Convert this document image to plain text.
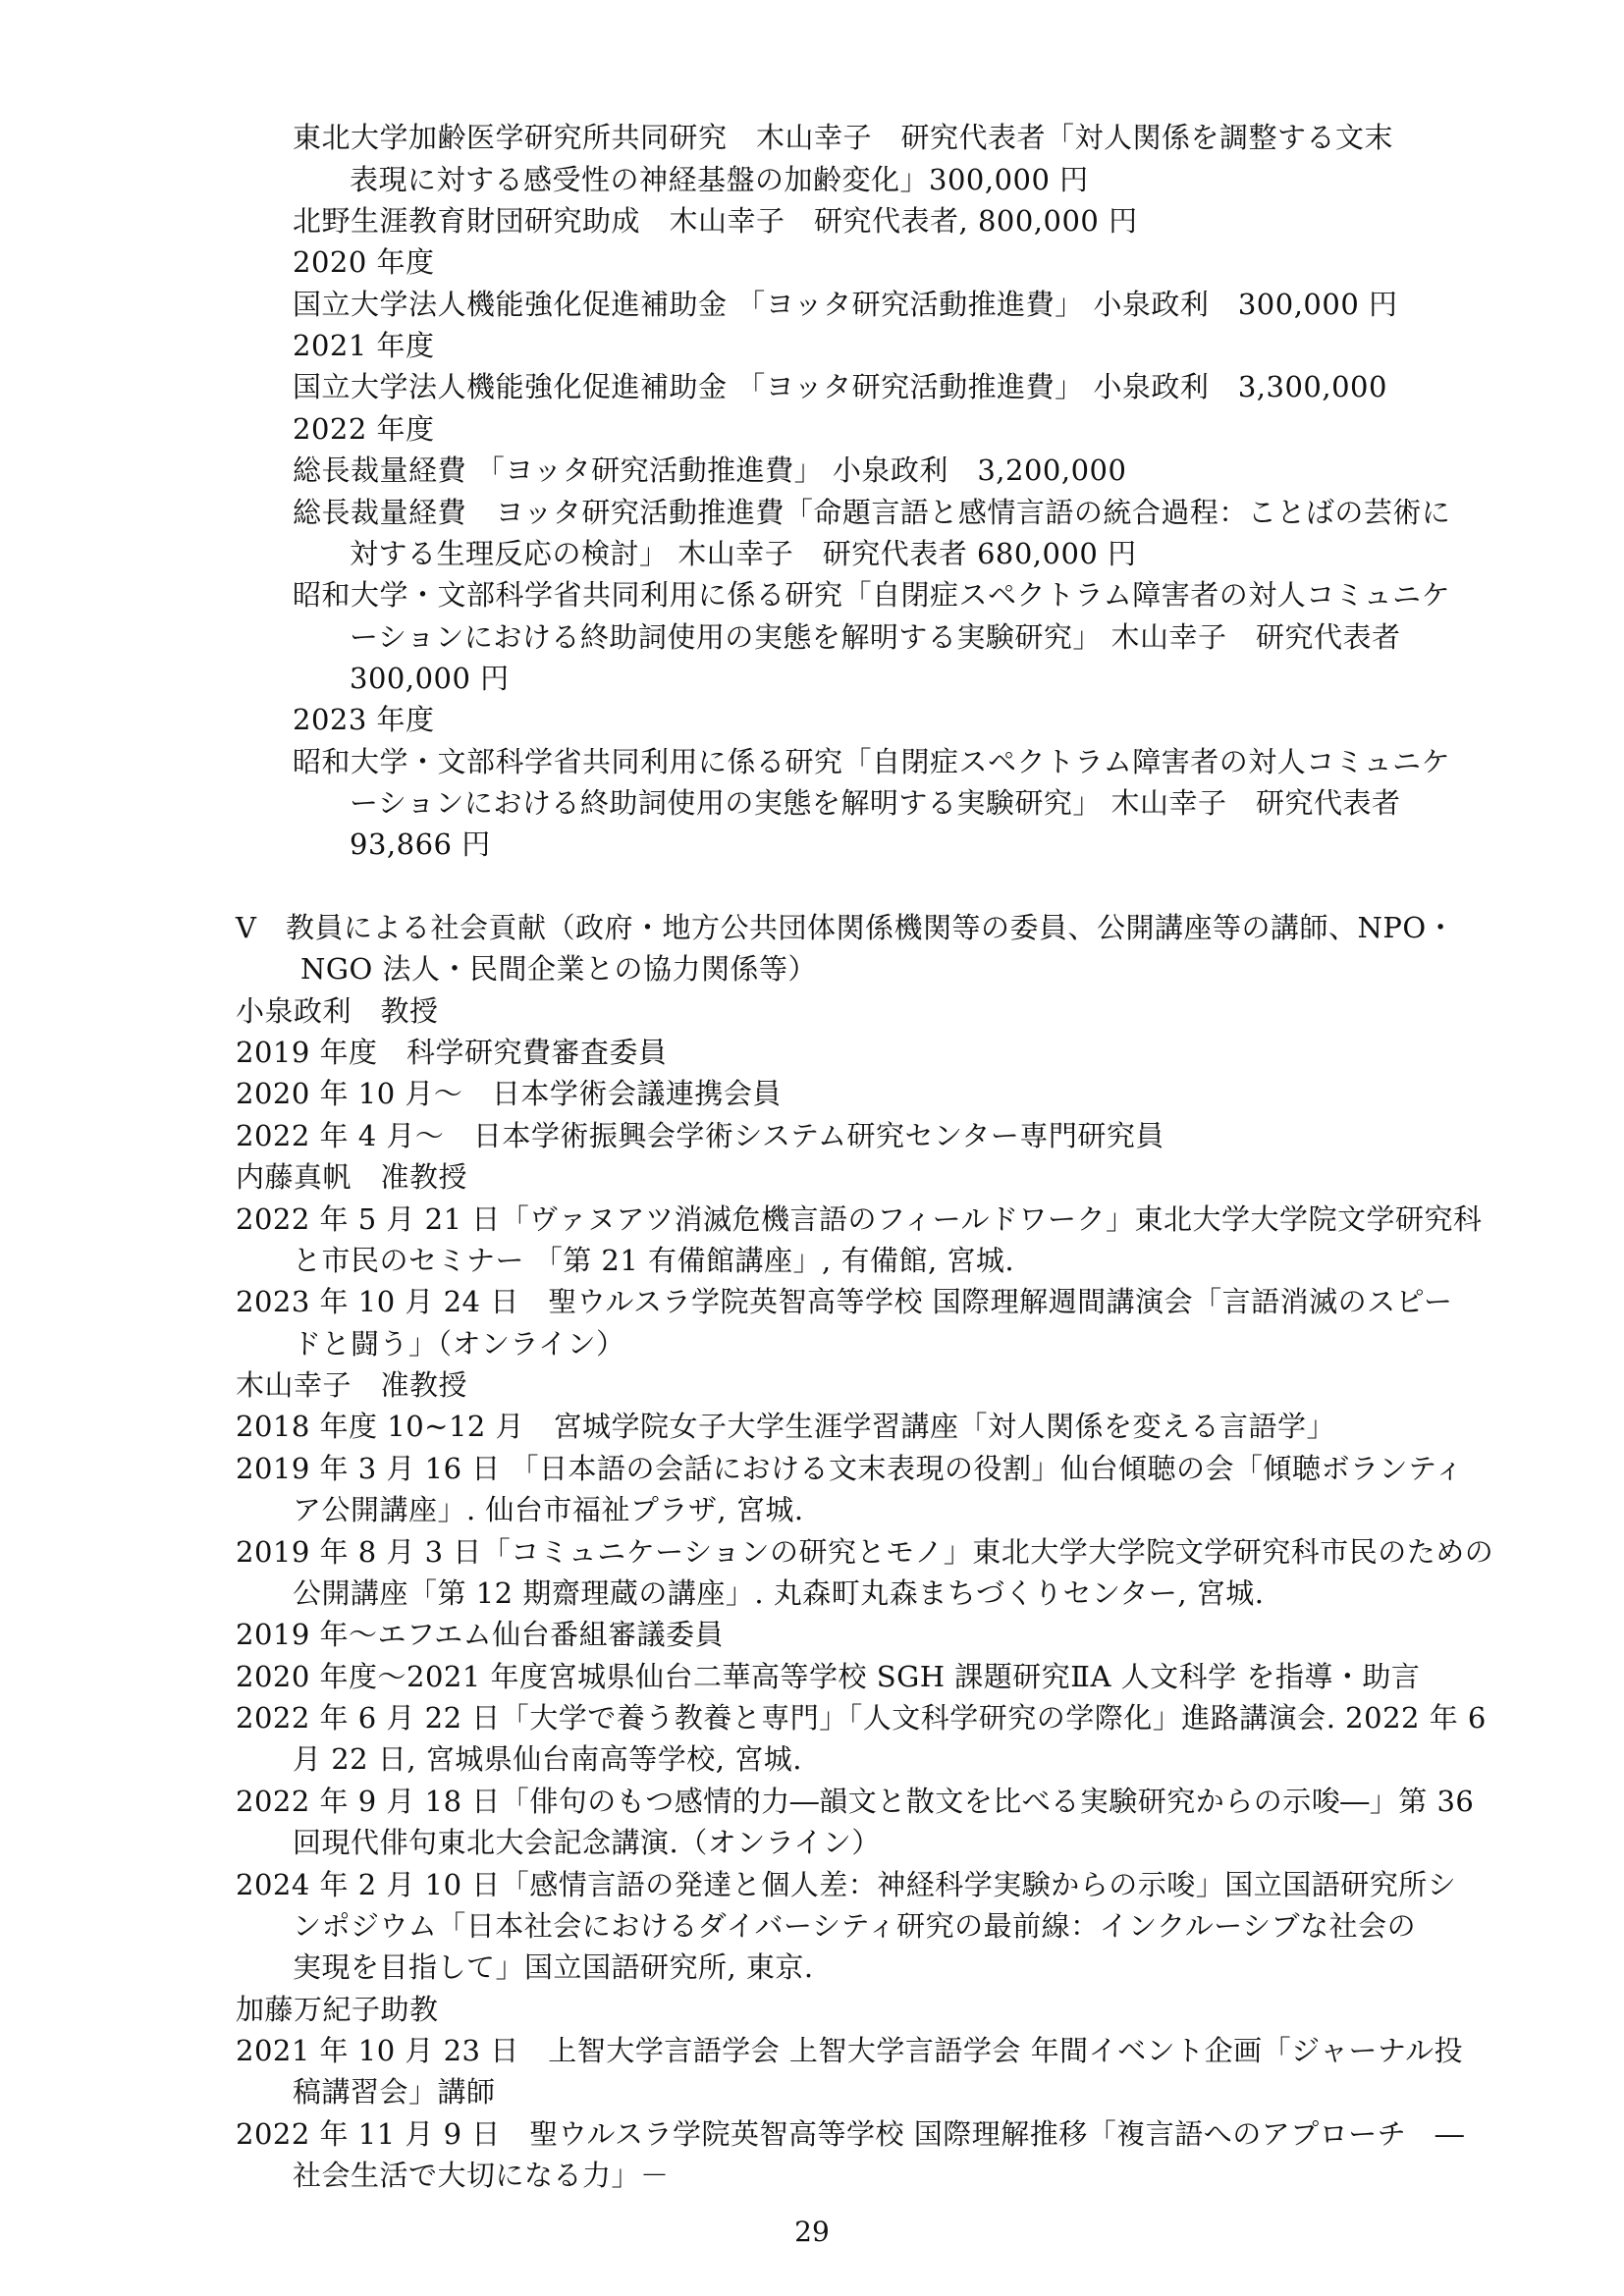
東北大学加齢医学研究所共同研究　木山幸子　研究代表者「対人関係を調整する文末
表現に対する感受性の神経基盤の加齢変化」300,000 円
北野生涯教育財団研究助成　木山幸子　研究代表者, 800,000 円
2020 年度
国立大学法人機能強化促進補助金 「ヨッタ研究活動推進費」 小泉政利　300,000 円
2021 年度
国立大学法人機能強化促進補助金 「ヨッタ研究活動推進費」 小泉政利　3,300,000
2022 年度
総長裁量経費 「ヨッタ研究活動推進費」 小泉政利　3,200,000
総長裁量経費　ヨッタ研究活動推進費「命題言語と感情言語の統合過程：ことばの芸術に
対する生理反応の検討」 木山幸子　研究代表者 680,000 円
昭和大学・文部科学省共同利用に係る研究「自閉症スペクトラム障害者の対人コミュニケ
ーションにおける終助詞使用の実態を解明する実験研究」 木山幸子　研究代表者
300,000 円
2023 年度
昭和大学・文部科学省共同利用に係る研究「自閉症スペクトラム障害者の対人コミュニケ
ーションにおける終助詞使用の実態を解明する実験研究」 木山幸子　研究代表者
93,866 円
V　教員による社会貢献（政府・地方公共団体関係機関等の委員、公開講座等の講師、NPO・
NGO 法人・民間企業との協力関係等）
小泉政利　教授
2019 年度　科学研究費審査委員
2020 年 10 月〜　日本学術会議連携会員
2022 年 4 月〜　日本学術振興会学術システム研究センター専門研究員
内藤真帆　准教授
2022 年 5 月 21 日「ヴァヌアツ消滅危機言語のフィールドワーク」東北大学大学院文学研究科
と市民のセミナー 「第 21 有備館講座」, 有備館, 宮城.
2023 年 10 月 24 日　聖ウルスラ学院英智高等学校 国際理解週間講演会「言語消滅のスピー
ドと闘う」（オンライン）
木山幸子　准教授
2018 年度 10~12 月　宮城学院女子大学生涯学習講座「対人関係を変える言語学」
2019 年 3 月 16 日 「日本語の会話における文末表現の役割」仙台傾聴の会「傾聴ボランティ
ア公開講座」. 仙台市福祉プラザ, 宮城.
2019 年 8 月 3 日「コミュニケーションの研究とモノ」東北大学大学院文学研究科市民のための
公開講座「第 12 期齋理蔵の講座」. 丸森町丸森まちづくりセンター, 宮城.
2019 年〜エフエム仙台番組審議委員
2020 年度〜2021 年度宮城県仙台二華高等学校 SGH 課題研究ⅡA 人文科学 を指導・助言
2022 年 6 月 22 日「大学で養う教養と専門」「人文科学研究の学際化」進路講演会. 2022 年 6
月 22 日, 宮城県仙台南高等学校, 宮城.
2022 年 9 月 18 日「俳句のもつ感情的力―韻文と散文を比べる実験研究からの示唆―」第 36
回現代俳句東北大会記念講演.（オンライン）
2024 年 2 月 10 日「感情言語の発達と個人差：神経科学実験からの示唆」国立国語研究所シ
ンポジウム「日本社会におけるダイバーシティ研究の最前線：インクルーシブな社会の
実現を目指して」国立国語研究所, 東京.
加藤万紀子助教
2021 年 10 月 23 日　上智大学言語学会 上智大学言語学会 年間イベント企画「ジャーナル投
稿講習会」講師
2022 年 11 月 9 日　聖ウルスラ学院英智高等学校 国際理解推移「複言語へのアプローチ　―
社会生活で大切になる力」－
29
